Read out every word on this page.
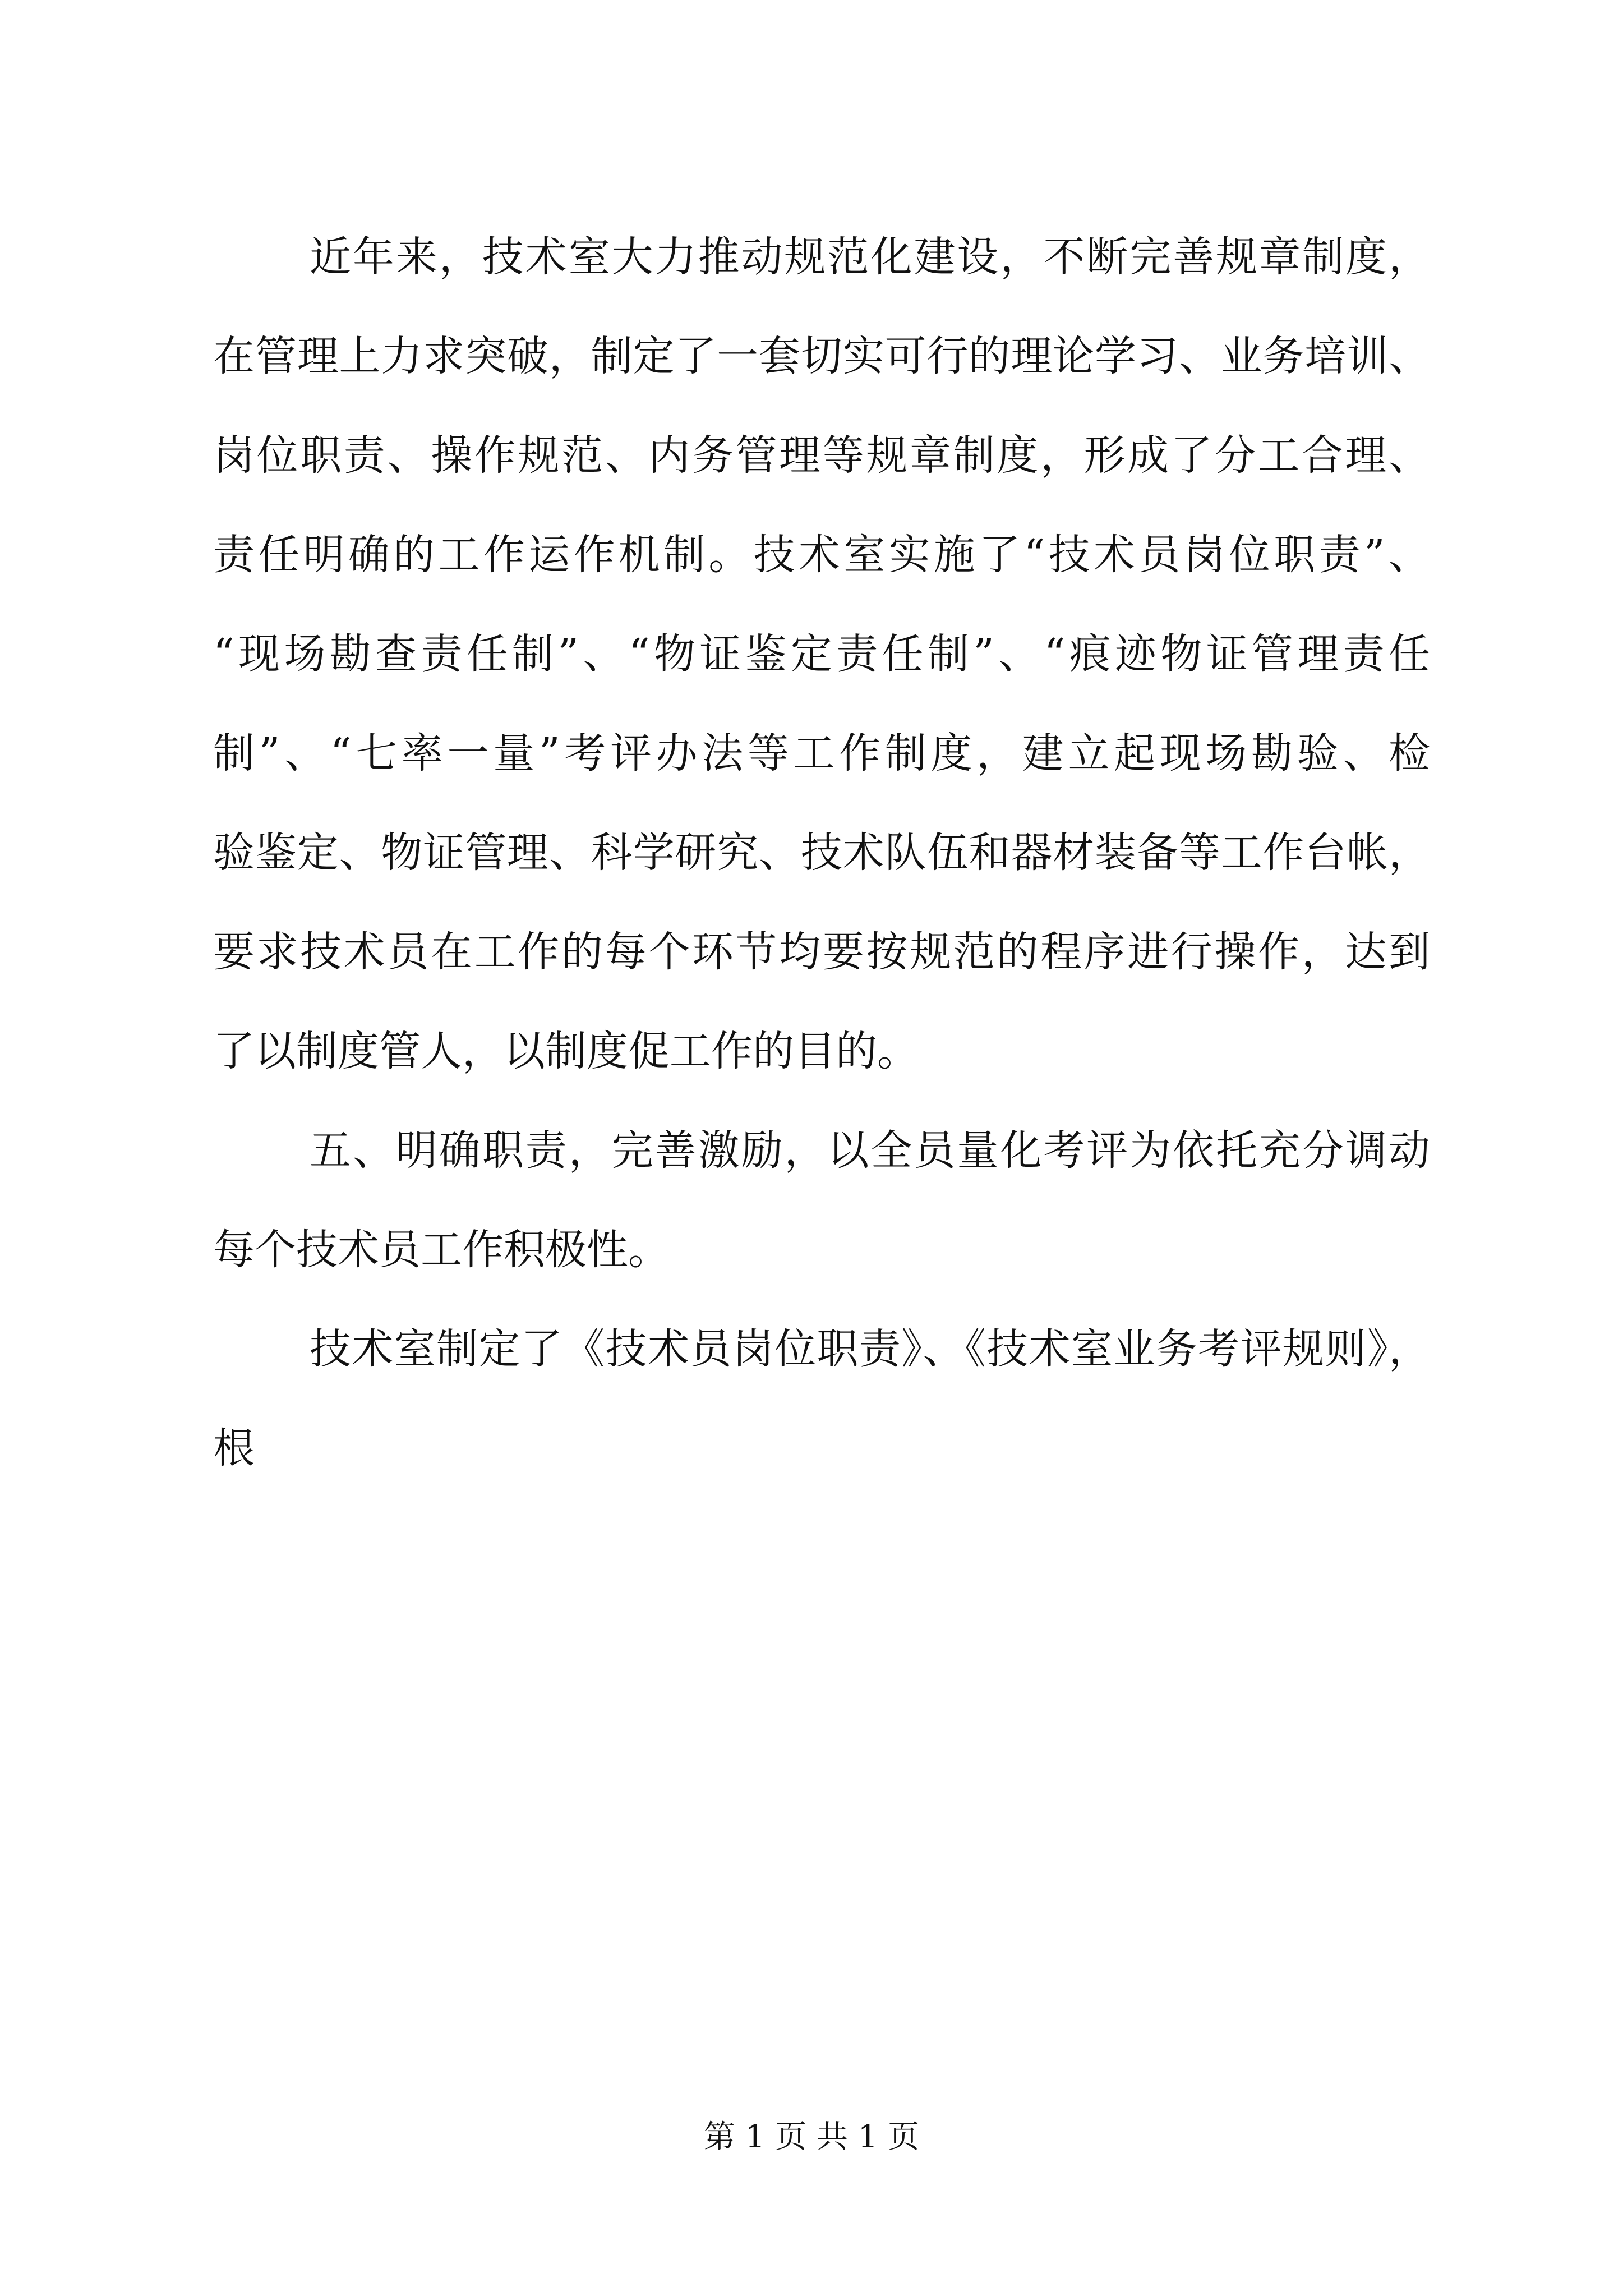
近年来，技术室大力推动规范化建设，不断完善规章制度，
在管理上力求突破，制定了一套切实可行的理论学习、业务培训、
岗位职责、操作规范、内务管理等规章制度，形成了分工合理、
责任明确的工作运作机制。技术室实施了“技术员岗位职责”、
“现场勘查责任制”、“物证鉴定责任制”、“痕迹物证管理责任
制”、“七率一量”考评办法等工作制度，建立起现场勘验、检
验鉴定、物证管理、科学研究、技术队伍和器材装备等工作台帐，
要求技术员在工作的每个环节均要按规范的程序进行操作，达到
了以制度管人，以制度促工作的目的。
五、明确职责，完善激励，以全员量化考评为依托充分调动
每个技术员工作积极性。
技术室制定了《技术员岗位职责》、《技术室业务考评规则》，
根
第 1 页 共 1 页
